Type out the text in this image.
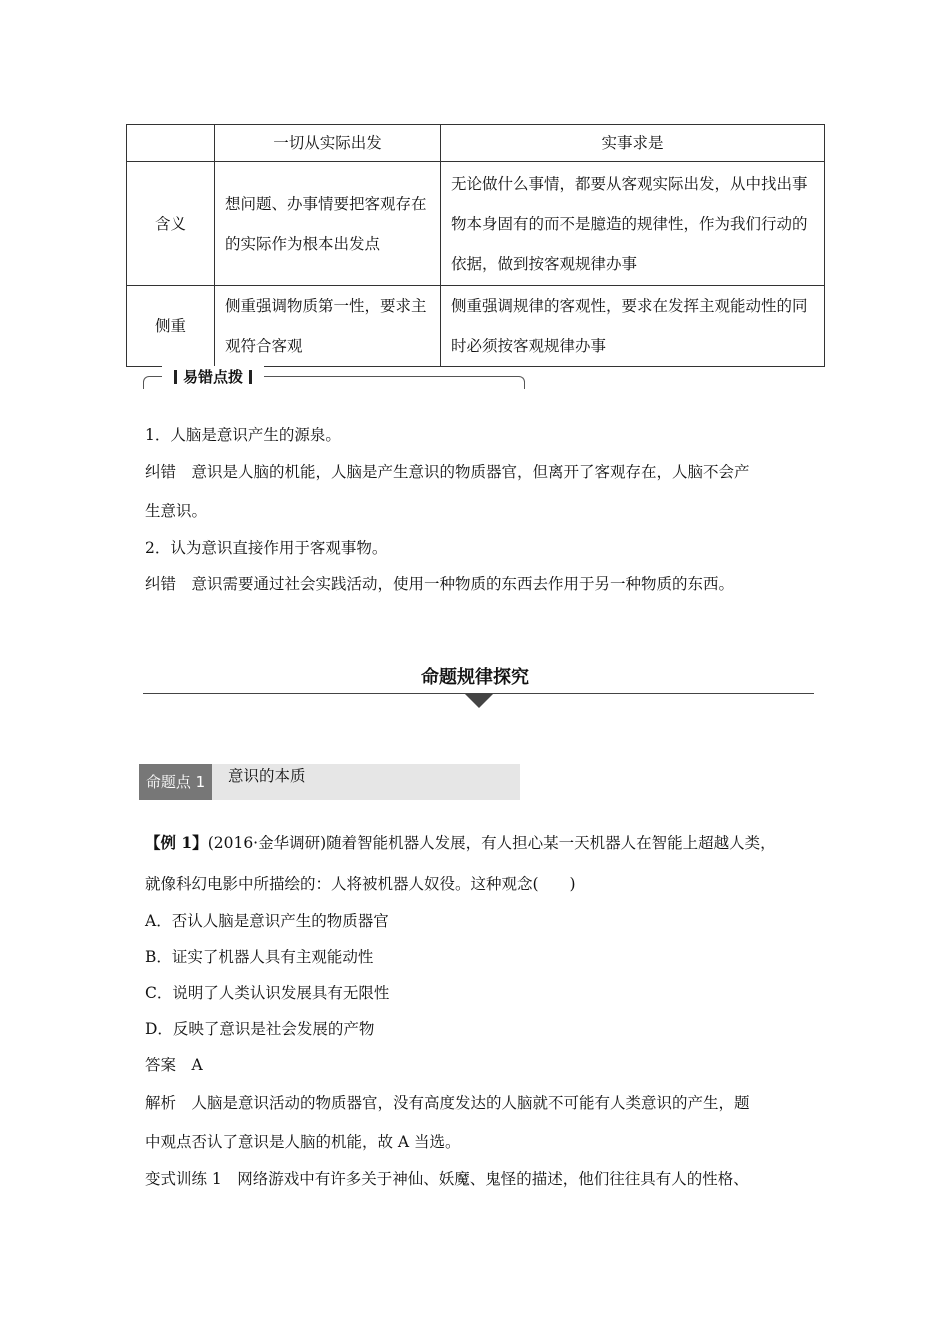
	一切从实际出发	实事求是
含义	想问题、办事情要把客观存在的实际作为根本出发点	无论做什么事情，都要从客观实际出发，从中找出事物本身固有的而不是臆造的规律性，作为我们行动的依据，做到按客观规律办事
侧重	侧重强调物质第一性，要求主观符合客观	侧重强调规律的客观性，要求在发挥主观能动性的同时必须按客观规律办事
易错点拨
1．人脑是意识产生的源泉。
纠错　意识是人脑的机能，人脑是产生意识的物质器官，但离开了客观存在，人脑不会产
生意识。
2．认为意识直接作用于客观事物。
纠错　意识需要通过社会实践活动，使用一种物质的东西去作用于另一种物质的东西。
命题规律探究
命题点 1	意识的本质
【例 1】(2016·金华调研)随着智能机器人发展，有人担心某一天机器人在智能上超越人类，
就像科幻电影中所描绘的：人将被机器人奴役。这种观念(　　)
A．否认人脑是意识产生的物质器官
B．证实了机器人具有主观能动性
C．说明了人类认识发展具有无限性
D．反映了意识是社会发展的产物
答案　A
解析　人脑是意识活动的物质器官，没有高度发达的人脑就不可能有人类意识的产生，题
中观点否认了意识是人脑的机能，故 A 当选。
变式训练 1　网络游戏中有许多关于神仙、妖魔、鬼怪的描述，他们往往具有人的性格、
